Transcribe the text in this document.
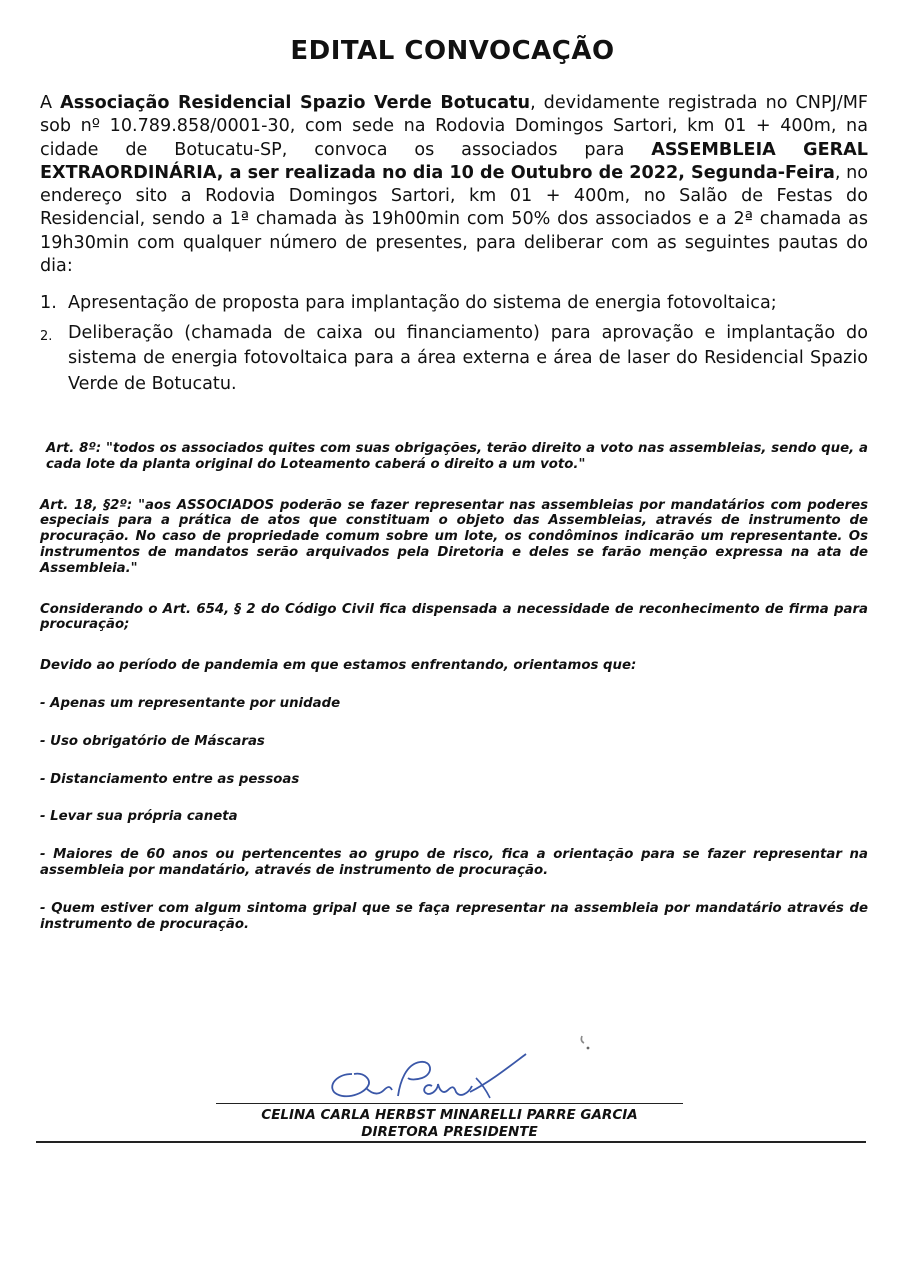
EDITAL CONVOCAÇÃO

A Associação Residencial Spazio Verde Botucatu, devidamente registrada no CNPJ/MF sob nº 10.789.858/0001-30, com sede na Rodovia Domingos Sartori, km 01 + 400m, na cidade de Botucatu-SP, convoca os associados para ASSEMBLEIA GERAL EXTRAORDINÁRIA, a ser realizada no dia 10 de Outubro de 2022, Segunda-Feira, no endereço sito a Rodovia Domingos Sartori, km 01 + 400m, no Salão de Festas do Residencial, sendo a 1ª chamada às 19h00min com 50% dos associados e a 2ª chamada as 19h30min com qualquer número de presentes, para deliberar com as seguintes pautas do dia:

1. Apresentação de proposta para implantação do sistema de energia fotovoltaica;
2. Deliberação (chamada de caixa ou financiamento) para aprovação e implantação do sistema de energia fotovoltaica para a área externa e área de laser do Residencial Spazio Verde de Botucatu.

Art. 8º: "todos os associados quites com suas obrigações, terão direito a voto nas assembleias, sendo que, a cada lote da planta original do Loteamento caberá o direito a um voto."

Art. 18, §2º: "aos ASSOCIADOS poderão se fazer representar nas assembleias por mandatários com poderes especiais para a prática de atos que constituam o objeto das Assembleias, através de instrumento de procuração. No caso de propriedade comum sobre um lote, os condôminos indicarão um representante. Os instrumentos de mandatos serão arquivados pela Diretoria e deles se farão menção expressa na ata de Assembleia."

Considerando o Art. 654, § 2 do Código Civil fica dispensada a necessidade de reconhecimento de firma para procuração;

Devido ao período de pandemia em que estamos enfrentando, orientamos que:

- Apenas um representante por unidade

- Uso obrigatório de Máscaras

- Distanciamento entre as pessoas

- Levar sua própria caneta

- Maiores de 60 anos ou pertencentes ao grupo de risco, fica a orientação para se fazer representar na assembleia por mandatário, através de instrumento de procuração.

- Quem estiver com algum sintoma gripal que se faça representar na assembleia por mandatário através de instrumento de procuração.

CELINA CARLA HERBST MINARELLI PARRE GARCIA
DIRETORA PRESIDENTE
